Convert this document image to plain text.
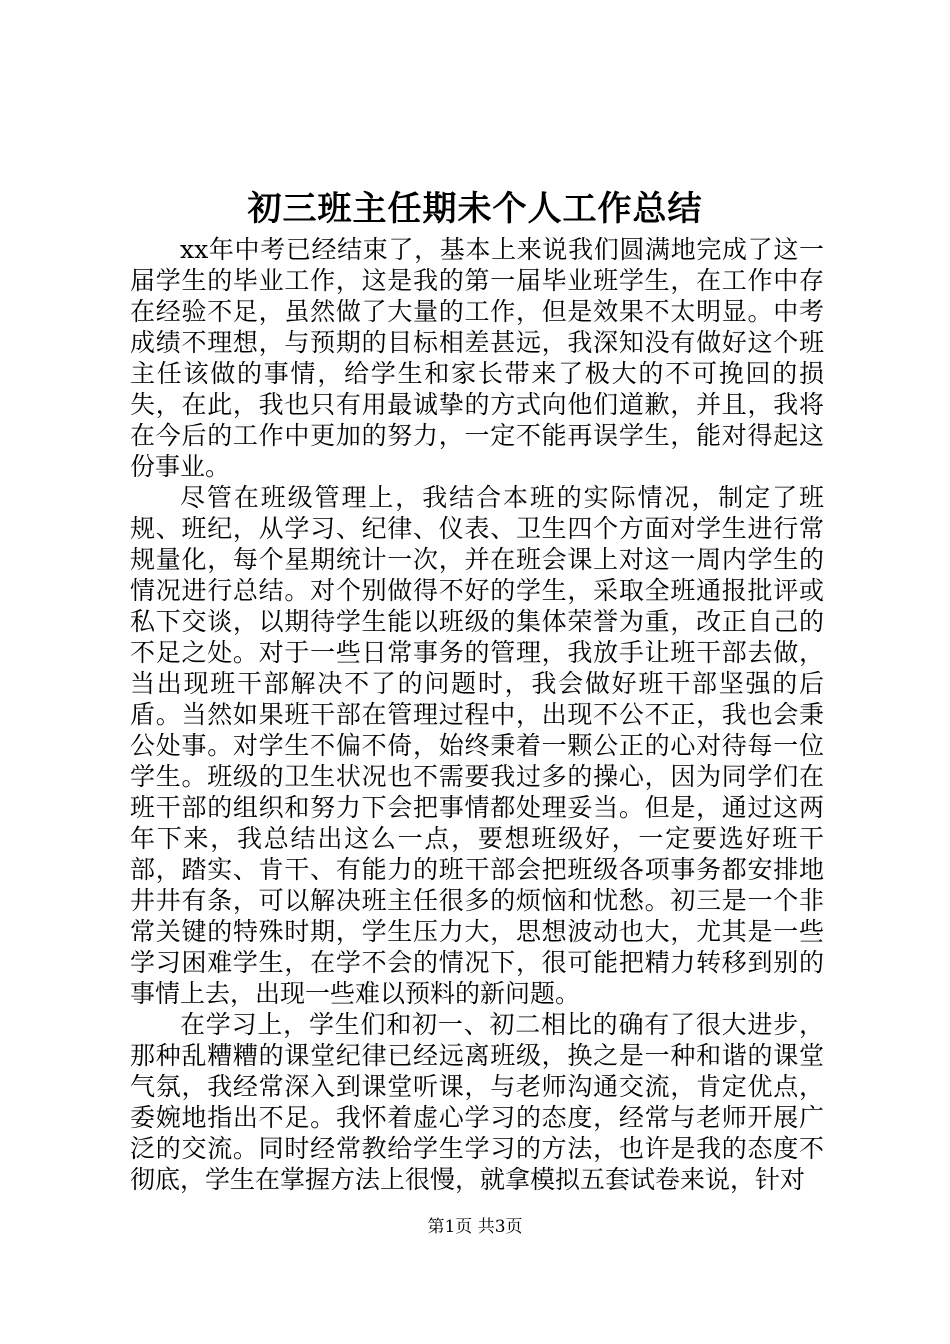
初三班主任期未个人工作总结

xx年中考已经结束了，基本上来说我们圆满地完成了这一届学生的毕业工作，这是我的第一届毕业班学生，在工作中存在经验不足，虽然做了大量的工作，但是效果不太明显。中考成绩不理想，与预期的目标相差甚远，我深知没有做好这个班主任该做的事情，给学生和家长带来了极大的不可挽回的损失，在此，我也只有用最诚挚的方式向他们道歉，并且，我将在今后的工作中更加的努力，一定不能再误学生，能对得起这份事业。

尽管在班级管理上，我结合本班的实际情况，制定了班规、班纪，从学习、纪律、仪表、卫生四个方面对学生进行常规量化，每个星期统计一次，并在班会课上对这一周内学生的情况进行总结。对个别做得不好的学生，采取全班通报批评或私下交谈，以期待学生能以班级的集体荣誉为重，改正自己的不足之处。对于一些日常事务的管理，我放手让班干部去做，当出现班干部解决不了的问题时，我会做好班干部坚强的后盾。当然如果班干部在管理过程中，出现不公不正，我也会秉公处事。对学生不偏不倚，始终秉着一颗公正的心对待每一位学生。班级的卫生状况也不需要我过多的操心，因为同学们在班干部的组织和努力下会把事情都处理妥当。但是，通过这两年下来，我总结出这么一点，要想班级好，一定要选好班干部，踏实、肯干、有能力的班干部会把班级各项事务都安排地井井有条，可以解决班主任很多的烦恼和忧愁。初三是一个非常关键的特殊时期，学生压力大，思想波动也大，尤其是一些学习困难学生，在学不会的情况下，很可能把精力转移到别的事情上去，出现一些难以预料的新问题。

在学习上，学生们和初一、初二相比的确有了很大进步，那种乱糟糟的课堂纪律已经远离班级，换之是一种和谐的课堂气氛，我经常深入到课堂听课，与老师沟通交流，肯定优点，委婉地指出不足。我怀着虚心学习的态度，经常与老师开展广泛的交流。同时经常教给学生学习的方法，也许是我的态度不彻底，学生在掌握方法上很慢，就拿模拟五套试卷来说，针对

第1页 共3页
